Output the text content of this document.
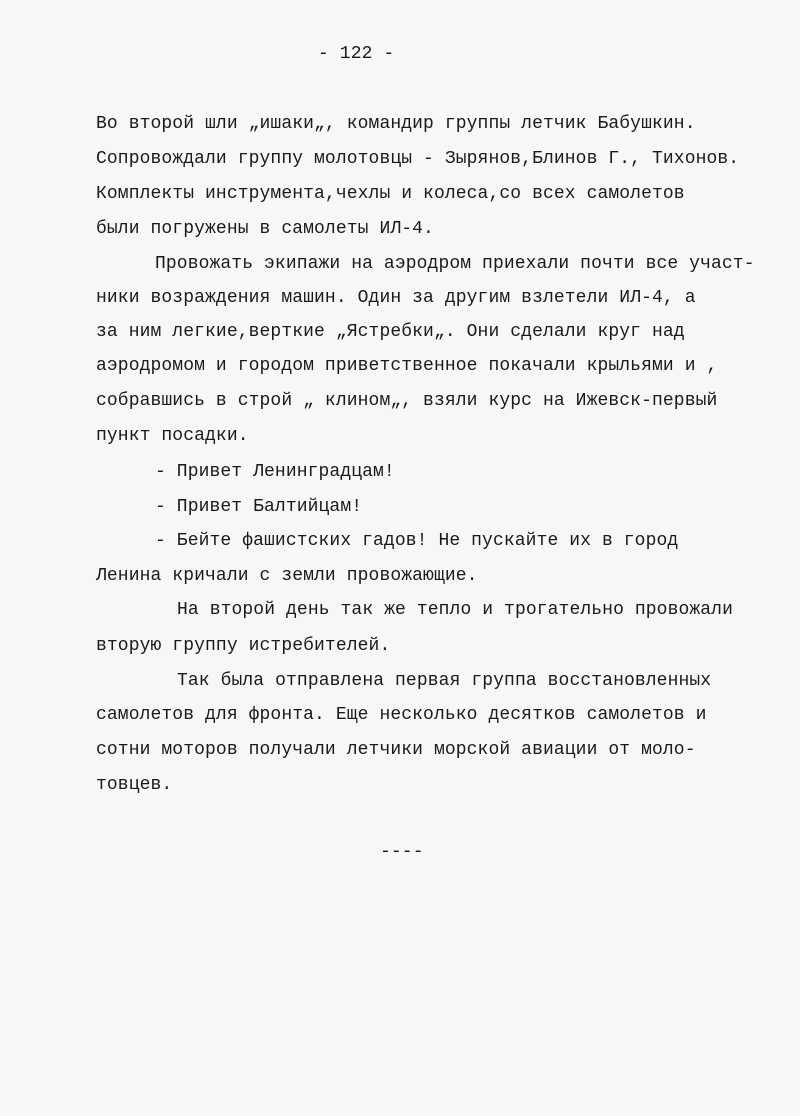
- 122 -
Во второй шли „ишаки„, командир группы летчик Бабушкин.
Сопровождали группу молотовцы - Зырянов,Блинов Г., Тихонов.
Комплекты инструмента,чехлы и колеса,со всех самолетов
были погружены в самолеты ИЛ-4.
Провожать экипажи на аэродром приехали почти все участ-
ники возраждения машин. Один за другим взлетели ИЛ-4, а
за ним легкие,верткие „Ястребки„. Они сделали круг над
аэродромом и городом приветственное покачали крыльями и ,
собравшись в строй „ клином„, взяли курс на Ижевск-первый
пункт посадки.
- Привет Ленинградцам!
- Привет Балтийцам!
- Бейте фашистских гадов! Не пускайте их в город
Ленина кричали с земли провожающие.
На второй день так же тепло и трогательно провожали
вторую группу истребителей.
Так была отправлена первая группа восстановленных
самолетов для фронта. Еще несколько десятков самолетов и
сотни моторов получали летчики морской авиации от моло-
товцев.
----
